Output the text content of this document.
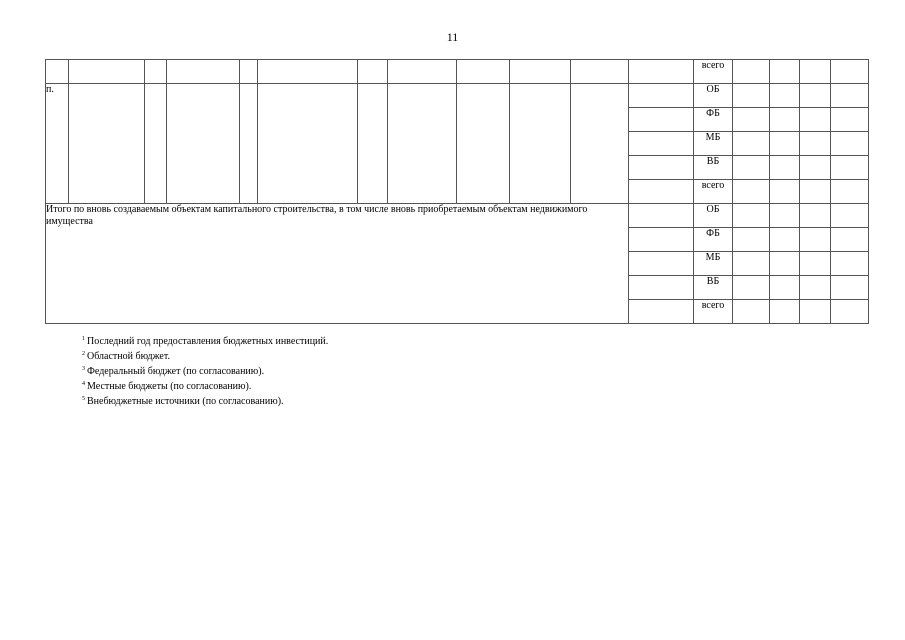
11
												всего				
п.												ОБ				
												ФБ				
												МБ				
												ВБ				
												всего				
Итого по вновь создаваемым объектам капитального строительства, в том числе вновь приобретаемым объектам недвижимого имущества												ОБ				
												ФБ				
												МБ				
												ВБ				
												всего				
$^1$ Последний год предоставления бюджетных инвестиций.
$^2$ Областной бюджет.
$^3$ Федеральный бюджет (по согласованию).
$^4$ Местные бюджеты (по согласованию).
$^5$ Внебюджетные источники (по согласованию).
